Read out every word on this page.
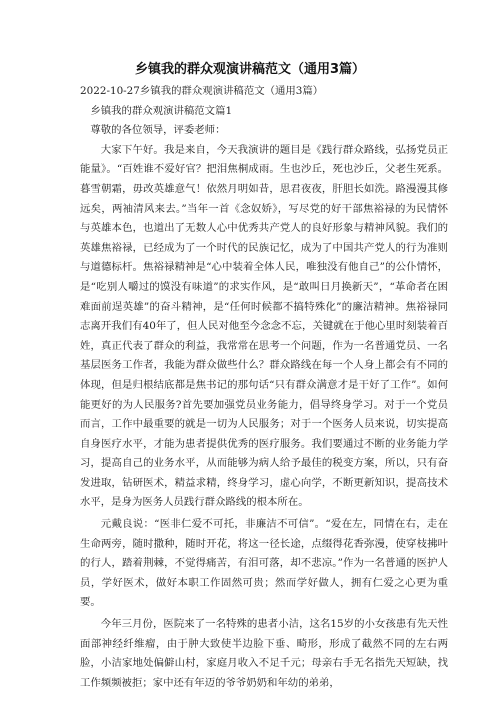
乡镇我的群众观演讲稿范文（通用3篇）

2022-10-27乡镇我的群众观演讲稿范文（通用3篇）

乡镇我的群众观演讲稿范文篇1

尊敬的各位领导，评委老师：

大家下午好。我是来自，今天我演讲的题目是《践行群众路线，弘扬党员正能量》。“百姓谁不爱好官？把泪焦桐成雨。生也沙丘，死也沙丘，父老生死系。暮雪朝霜，毋改英雄意气！依然月明如昔，思君夜夜，肝胆长如洗。路漫漫其修远矣，两袖清风来去。”当年一首《念奴娇》，写尽党的好干部焦裕禄的为民情怀与英雄本色，也道出了无数人心中优秀共产党人的良好形象与精神风貌。我们的英雄焦裕禄，已经成为了一个时代的民族记忆，成为了中国共产党人的行为准则与道德标杆。焦裕禄精神是“心中装着全体人民，唯独没有他自己”的公仆情怀，是“吃别人嚼过的馍没有味道”的求实作风，是“敢叫日月换新天”，“革命者在困难面前逞英雄”的奋斗精神，是“任何时候都不搞特殊化”的廉洁精神。焦裕禄同志离开我们有40年了，但人民对他至今念念不忘，关键就在于他心里时刻装着百姓，真正代表了群众的利益，我常常在思考一个问题，作为一名普通党员、一名基层医务工作者，我能为群众做些什么？群众路线在每一个人身上都会有不同的体现，但是归根结底都是焦书记的那句话“只有群众满意才是干好了工作”。如何能更好的为人民服务?首先要加强党员业务能力，倡导终身学习。对于一个党员而言，工作中最重要的就是一切为人民服务；对于一个医务人员来说，切实提高自身医疗水平，才能为患者提供优秀的医疗服务。我们要通过不断的业务能力学习，提高自己的业务水平，从而能够为病人给予最佳的税变方案，所以，只有奋发进取，钻研医术，精益求精，终身学习，虚心向学，不断更新知识，提高技术水平，是身为医务人员践行群众路线的根本所在。

元戴良说：“医非仁爱不可托，非廉洁不可信”。“爱在左，同情在右，走在生命两旁，随时撒种，随时开花，将这一径长途，点缀得花香弥漫，使穿枝拂叶的行人，踏着荆棘，不觉得痛苦，有泪可落，却不悲凉。”作为一名普通的医护人员，学好医术，做好本职工作固然可贵；然而学好做人，拥有仁爱之心更为重要。

今年三月份，医院来了一名特殊的患者小洁，这名15岁的小女孩患有先天性面部神经纤维瘤，由于肿大致使半边脸下垂、畸形，形成了截然不同的左右两脸，小洁家地处偏僻山村，家庭月收入不足千元；母亲右手无名指先天短缺，找工作频频被拒；家中还有年迈的爷爷奶奶和年幼的弟弟，
